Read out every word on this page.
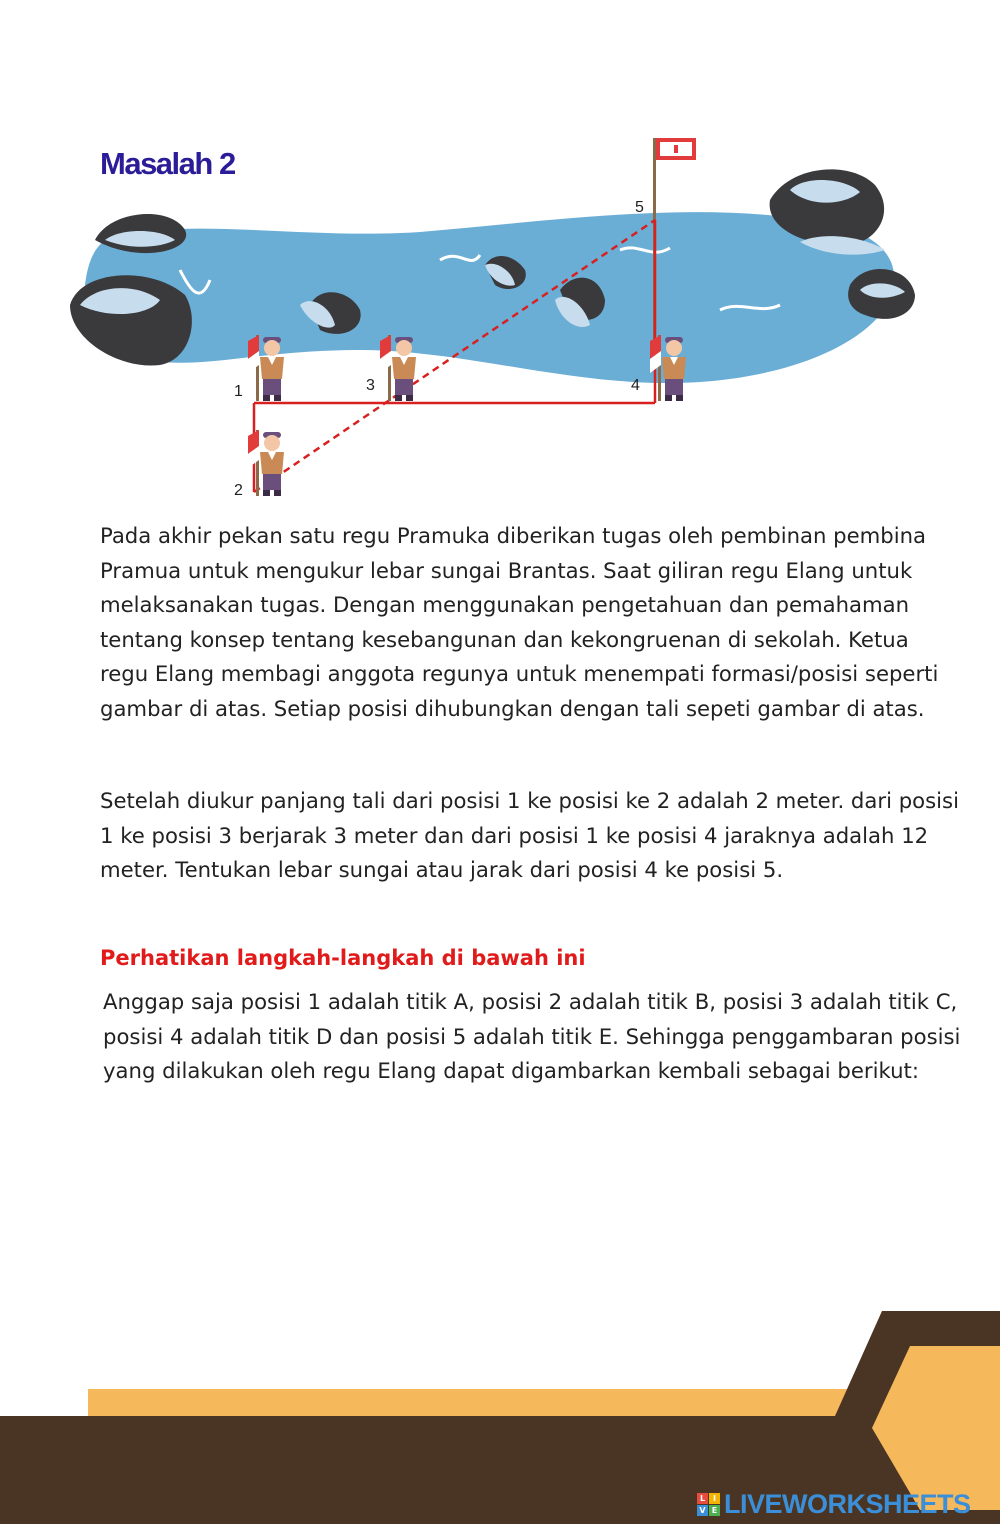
Masalah 2
1
2
3	4
5

Pada akhir pekan satu regu Pramuka diberikan tugas oleh pembinan pembina Pramua untuk mengukur lebar sungai Brantas. Saat giliran regu Elang untuk melaksanakan tugas. Dengan menggunakan pengetahuan dan pemahaman tentang konsep tentang kesebangunan dan kekongruenan di sekolah. Ketua regu Elang membagi anggota regunya untuk menempati formasi/posisi seperti gambar di atas. Setiap posisi dihubungkan dengan tali sepeti gambar di atas.

Setelah diukur panjang tali dari posisi 1 ke posisi ke 2 adalah 2 meter. dari posisi 1 ke posisi 3 berjarak 3 meter dan dari posisi 1 ke posisi 4 jaraknya adalah 12 meter. Tentukan lebar sungai atau jarak dari posisi 4 ke posisi 5.

Perhatikan langkah-langkah di bawah ini

Anggap saja posisi 1 adalah titik A, posisi 2 adalah titik B, posisi 3 adalah titik C, posisi 4 adalah titik D dan posisi 5 adalah titik E. Sehingga penggambaran posisi yang dilakukan oleh regu Elang dapat digambarkan kembali sebagai berikut:

L I
V E LIVEWORKSHEETS
